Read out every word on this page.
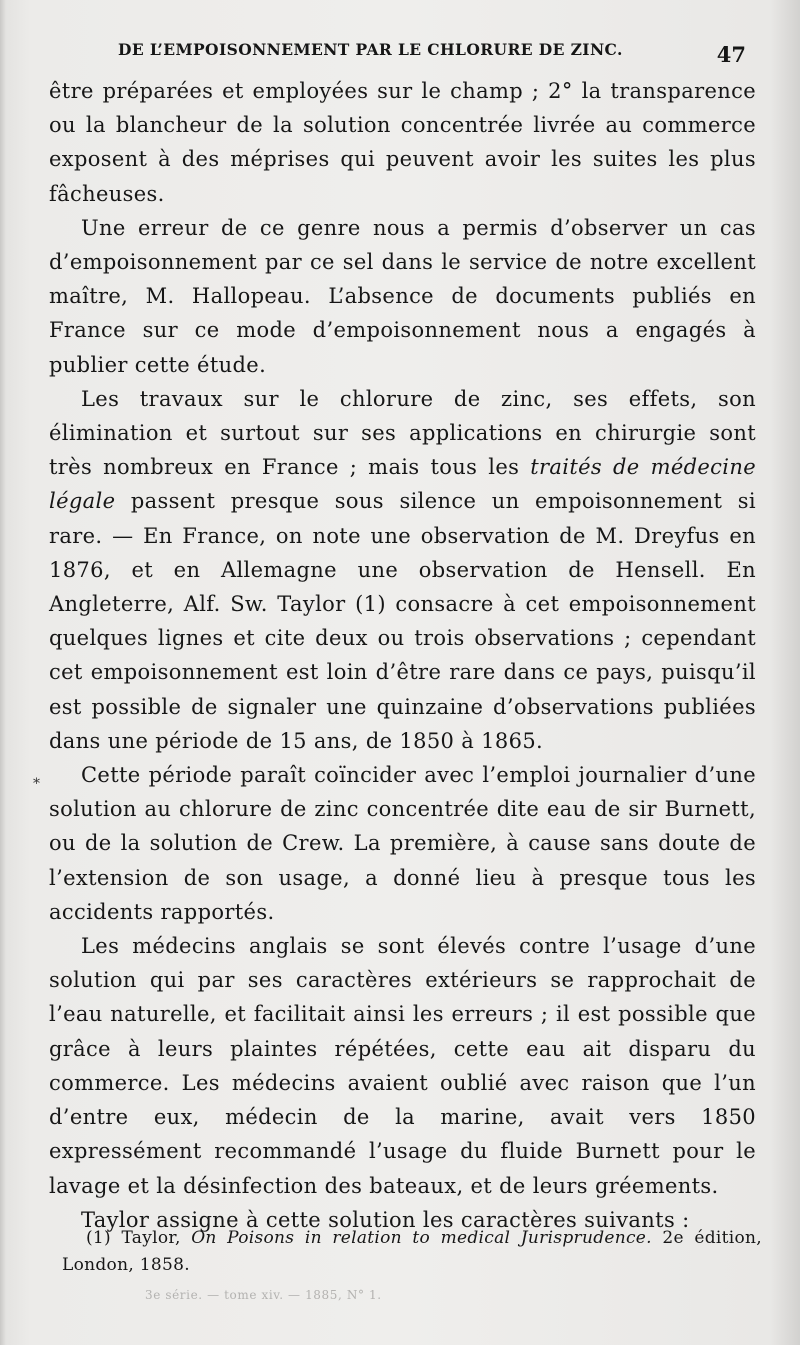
DE L’EMPOISONNEMENT PAR LE CHLORURE DE ZINC.	47
*

être préparées et employées sur le champ ; 2° la transparence ou la blancheur de la solution concentrée livrée au commerce exposent à des méprises qui peuvent avoir les suites les plus fâcheuses.

Une erreur de ce genre nous a permis d’observer un cas d’empoisonnement par ce sel dans le service de notre excellent maître, M. Hallopeau. L’absence de documents publiés en France sur ce mode d’empoisonnement nous a engagés à publier cette étude.

Les travaux sur le chlorure de zinc, ses effets, son élimination et surtout sur ses applications en chirurgie sont très nombreux en France ; mais tous les traités de médecine légale passent presque sous silence un empoisonnement si rare. — En France, on note une observation de M. Dreyfus en 1876, et en Allemagne une observation de Hensell. En Angleterre, Alf. Sw. Taylor (1) consacre à cet empoisonnement quelques lignes et cite deux ou trois observations ; cependant cet empoisonnement est loin d’être rare dans ce pays, puisqu’il est possible de signaler une quinzaine d’observations publiées dans une période de 15 ans, de 1850 à 1865.

Cette période paraît coïncider avec l’emploi journalier d’une solution au chlorure de zinc concentrée dite eau de sir Burnett, ou de la solution de Crew. La première, à cause sans doute de l’extension de son usage, a donné lieu à presque tous les accidents rapportés.

Les médecins anglais se sont élevés contre l’usage d’une solution qui par ses caractères extérieurs se rapprochait de l’eau naturelle, et facilitait ainsi les erreurs ; il est possible que grâce à leurs plaintes répétées, cette eau ait disparu du commerce. Les médecins avaient oublié avec raison que l’un d’entre eux, médecin de la marine, avait vers 1850 expressément recommandé l’usage du fluide Burnett pour le lavage et la désinfection des bateaux, et de leurs gréements.

Taylor assigne à cette solution les caractères suivants :

(1) Taylor, On Poisons in relation to medical Jurisprudence. 2e édition, London, 1858.
3e série. — tome xiv. — 1885, N° 1.
